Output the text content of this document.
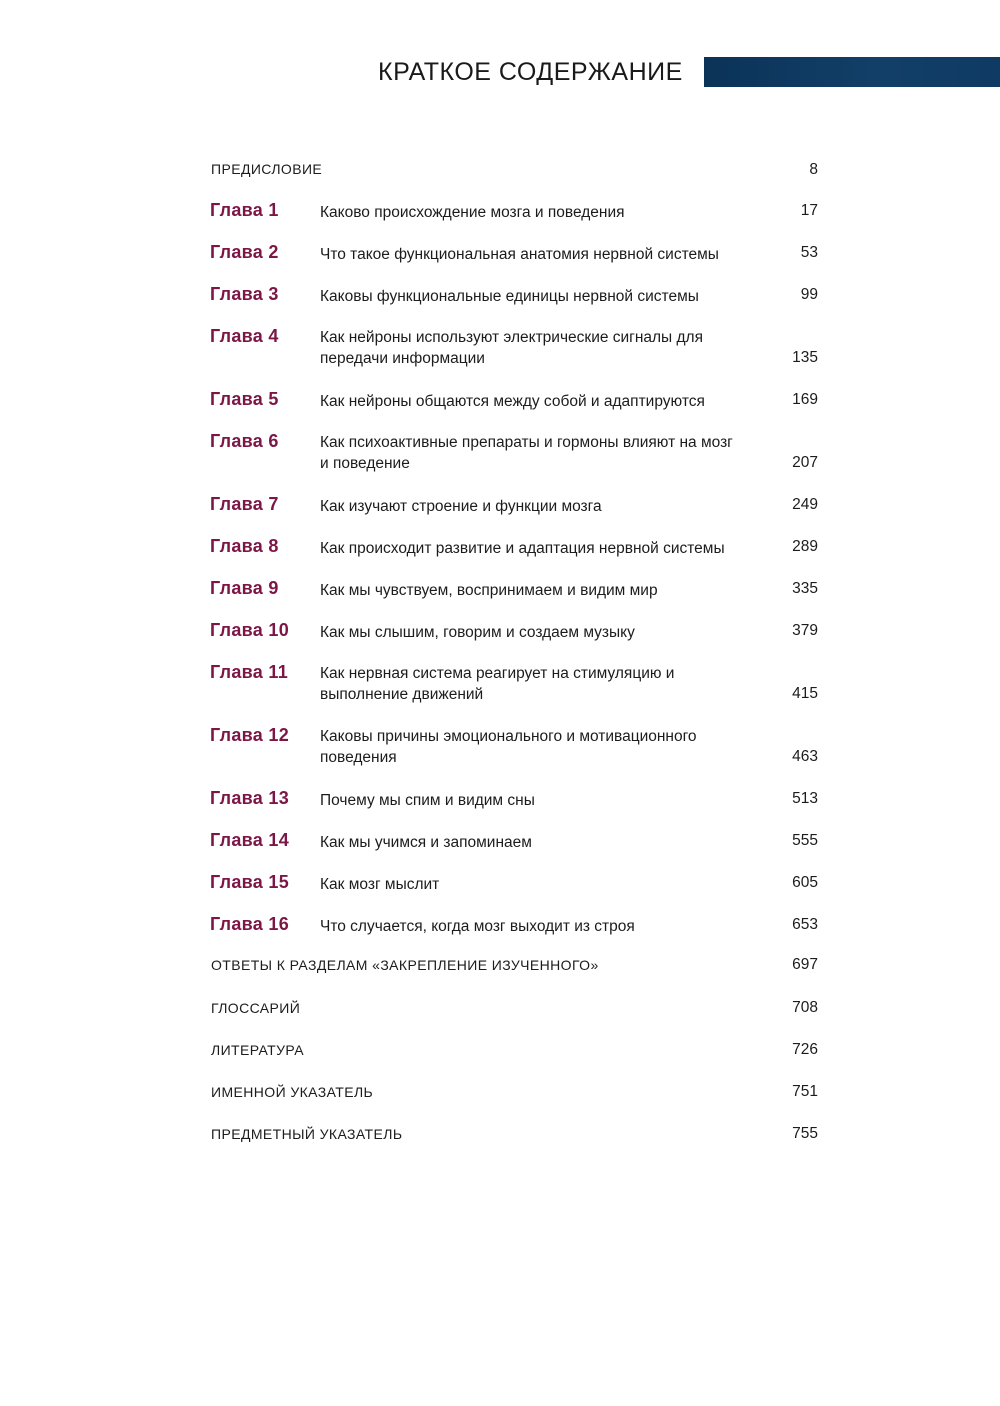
КРАТКОЕ СОДЕРЖАНИЕ
ПРЕДИСЛОВИЕ	8
Глава 1	Каково происхождение мозга и поведения	17
Глава 2	Что такое функциональная анатомия нервной системы	53
Глава 3	Каковы функциональные единицы нервной системы	99
Глава 4	Как нейроны используют электрические сигналы для передачи информации	135
Глава 5	Как нейроны общаются между собой и адаптируются	169
Глава 6	Как психоактивные препараты и гормоны влияют на мозг и поведение	207
Глава 7	Как изучают строение и функции мозга	249
Глава 8	Как происходит развитие и адаптация нервной системы	289
Глава 9	Как мы чувствуем, воспринимаем и видим мир	335
Глава 10 Как мы слышим, говорим и создаем музыку	379
Глава 11 Как нервная система реагирует на стимуляцию и выполнение движений	415
Глава 12 Каковы причины эмоционального и мотивационного поведения	463
Глава 13 Почему мы спим и видим сны	513
Глава 14 Как мы учимся и запоминаем	555
Глава 15 Как мозг мыслит	605
Глава 16 Что случается, когда мозг выходит из строя	653
ОТВЕТЫ К РАЗДЕЛАМ «ЗАКРЕПЛЕНИЕ ИЗУЧЕННОГО»	697
ГЛОССАРИЙ	708
ЛИТЕРАТУРА	726
ИМЕННОЙ УКАЗАТЕЛЬ	751
ПРЕДМЕТНЫЙ УКАЗАТЕЛЬ	755
